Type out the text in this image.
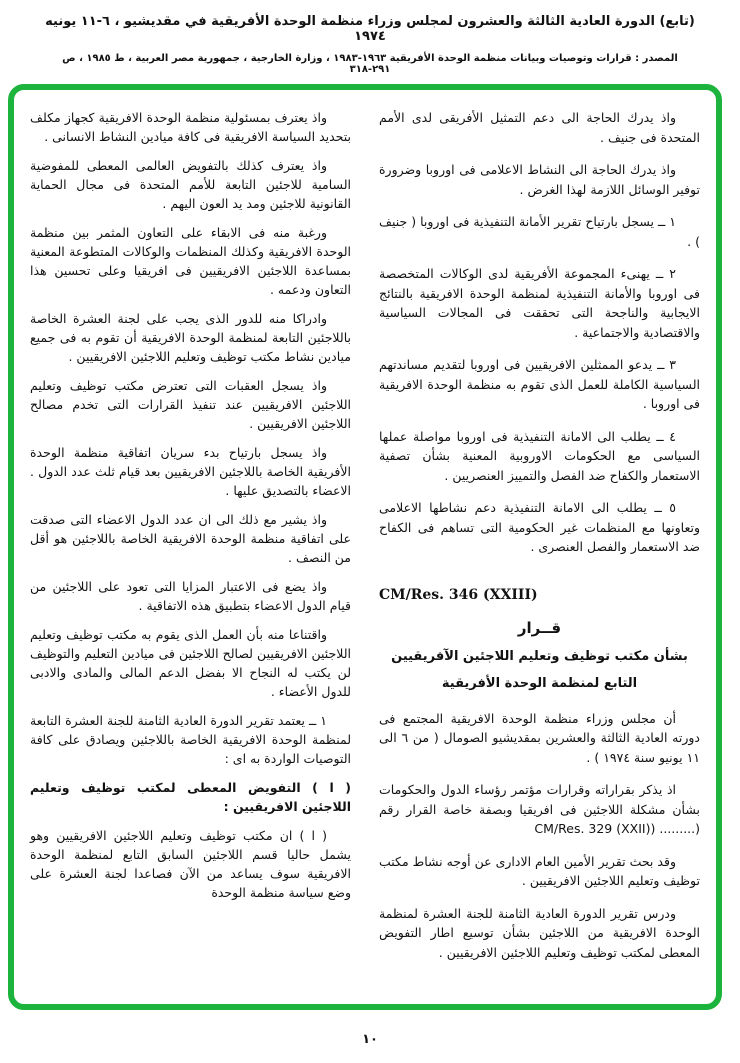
(تابع) الدورة العادية الثالثة والعشرون لمجلس وزراء منظمة الوحدة الأفريقية في مقديشيو ، ٦-١١ يونيه ١٩٧٤
المصدر : قرارات وتوصيات وبيانات منظمة الوحدة الأفريقية ١٩٦٣-١٩٨٣ ، وزارة الخارجية ، جمهورية مصر العربية ، ط ١٩٨٥ ، ص ٢٩١-٣١٨

واذ يدرك الحاجة الى دعم التمثيل الأفريقى لدى الأمم المتحدة فى جنيف .

واذ يدرك الحاجة الى النشاط الاعلامى فى اوروبا وضرورة توفير الوسائل اللازمة لهذا الغرض .

١ ــ يسجل بارتياح تقرير الأمانة التنفيذية فى اوروبا ( جنيف ) .

٢ ــ يهنىء المجموعة الأفريقية لدى الوكالات المتخصصة فى اوروبا والأمانة التنفيذية لمنظمة الوحدة الافريقية بالنتائج الايجابية والناجحة التى تحققت فى المجالات السياسية والاقتصادية والاجتماعية .

٣ ــ يدعو الممثلين الافريقيين فى اوروبا لتقديم مساندتهم السياسية الكاملة للعمل الذى تقوم به منظمة الوحدة الافريقية فى اوروبا .

٤ ــ يطلب الى الامانة التنفيذية فى اوروبا مواصلة عملها السياسى مع الحكومات الاوروبية المعنية بشأن تصفية الاستعمار والكفاح ضد الفصل والتمييز العنصريين .

٥ ــ يطلب الى الامانة التنفيذية دعم نشاطها الاعلامى وتعاونها مع المنظمات غير الحكومية التى تساهم فى الكفاح ضد الاستعمار والفصل العنصرى .

CM/Res. 346 (XXIII)
قــرار
بشأن مكتب توظيف وتعليم اللاجئين الآفريقيين
التابع لمنظمة الوحدة الأفريقية

أن مجلس وزراء منظمة الوحدة الافريقية المجتمع فى دورته العادية الثالثة والعشرين بمقديشيو الصومال ( من ٦ الى ١١ يونيو سنة ١٩٧٤ ) .

اذ يذكر بقراراته وقرارات مؤتمر رؤساء الدول والحكومات بشأن مشكلة اللاجئين فى افريقيا وبصفة خاصة القرار رقم (......... (CM/Res. 329 (XXII)

وقد بحث تقرير الأمين العام الادارى عن أوجه نشاط مكتب توظيف وتعليم اللاجئين الافريقيين .

ودرس تقرير الدورة العادية الثامنة للجنة العشرة لمنظمة الوحدة الافريقية من اللاجئين بشأن توسيع اطار التفويض المعطى لمكتب توظيف وتعليم اللاجئين الافريقيين .

واذ يعترف بمسئولية منظمة الوحدة الافريقية كجهاز مكلف بتحديد السياسة الافريقية فى كافة ميادين النشاط الانسانى .

واذ يعترف كذلك بالتفويض العالمى المعطى للمفوضية السامية للاجئين التابعة للأمم المتحدة فى مجال الحماية القانونية للاجئين ومد يد العون اليهم .

ورغبة منه فى الابقاء على التعاون المثمر بين منظمة الوحدة الافريقية وكذلك المنظمات والوكالات المتطوعة المعنية بمساعدة اللاجئين الافريقيين فى افريقيا وعلى تحسين هذا التعاون ودعمه .

وادراكا منه للدور الذى يجب على لجنة العشرة الخاصة باللاجئين التابعة لمنظمة الوحدة الافريقية أن تقوم به فى جميع ميادين نشاط مكتب توظيف وتعليم اللاجئين الافريقيين .

واذ يسجل العقبات التى تعترض مكتب توظيف وتعليم اللاجئين الافريقيين عند تنفيذ القرارات التى تخدم مصالح اللاجئين الافريقيين .

واذ يسجل بارتياح بدء سريان اتفاقية منظمة الوحدة الأفريقية الخاصة باللاجئين الافريقيين بعد قيام ثلث عدد الدول . الاعضاء بالتصديق عليها .

واذ يشير مع ذلك الى ان عدد الدول الاعضاء التى صدقت على اتفاقية منظمة الوحدة الافريقية الخاصة باللاجئين هو أقل من النصف .

واذ يضع فى الاعتبار المزايا التى تعود على اللاجئين من قيام الدول الاعضاء بتطبيق هذه الاتفاقية .

واقتناعا منه بأن العمل الذى يقوم به مكتب توظيف وتعليم اللاجئين الافريقيين لصالح اللاجئين فى ميادين التعليم والتوظيف لن يكتب له النجاح الا بفضل الدعم المالى والمادى والادبى للدول الأعضاء .

١ ــ يعتمد تقرير الدورة العادية الثامنة للجنة العشرة التابعة لمنظمة الوحدة الافريقية الخاصة باللاجئين ويصادق على كافة التوصيات الواردة به اى :

( ا ) التفويض المعطى لمكتب توظيف وتعليم اللاجئين الافريقيين :

( ا ) ان مكتب توظيف وتعليم اللاجئين الافريقيين وهو يشمل حاليا قسم اللاجئين السابق التابع لمنظمة الوحدة الافريقية سوف يساعد من الآن فصاعدا لجنة العشرة على وضع سياسة منظمة الوحدة

١٠
